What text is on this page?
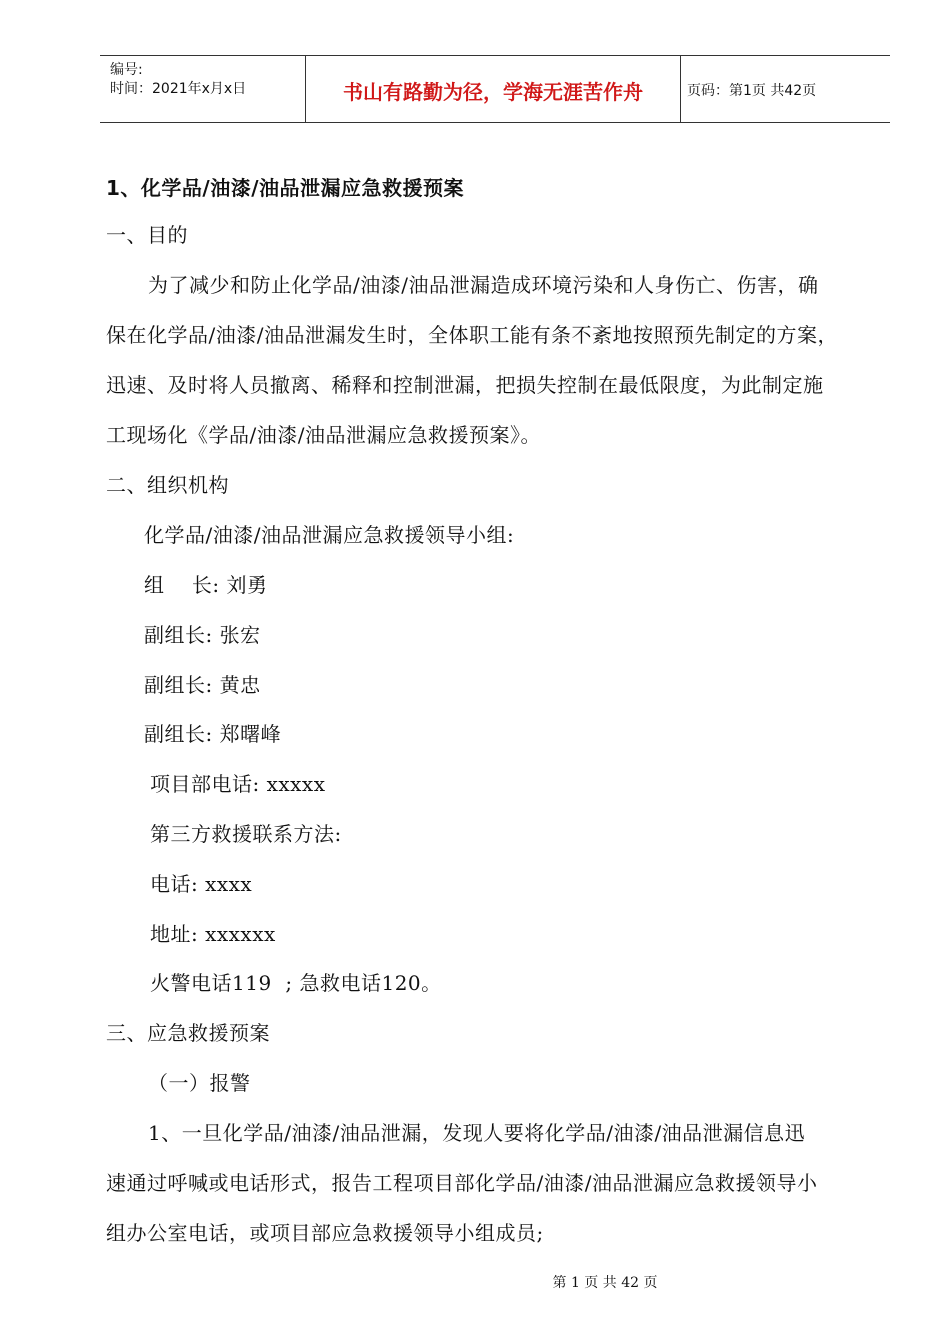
编号:
时间：2021年x月x日	书山有路勤为径，学海无涯苦作舟	页码：第1页 共42页
1、化学品/油漆/油品泄漏应急救援预案
一、目的
为了减少和防止化学品/油漆/油品泄漏造成环境污染和人身伤亡、伤害，确
保在化学品/油漆/油品泄漏发生时，全体职工能有条不紊地按照预先制定的方案，
迅速、及时将人员撤离、稀释和控制泄漏，把损失控制在最低限度，为此制定施
工现场化《学品/油漆/油品泄漏应急救援预案》。
二、组织机构
化学品/油漆/油品泄漏应急救援领导小组:
组    长: 刘勇
副组长: 张宏
副组长: 黄忠
副组长: 郑曙峰
项目部电话: xxxxx
第三方救援联系方法:
电话: xxxx
地址: xxxxxx
火警电话119  ; 急救电话120。
三、应急救援预案
（一）报警
1、一旦化学品/油漆/油品泄漏，发现人要将化学品/油漆/油品泄漏信息迅
速通过呼喊或电话形式，报告工程项目部化学品/油漆/油品泄漏应急救援领导小
组办公室电话，或项目部应急救援领导小组成员;
第 1 页 共 42 页
